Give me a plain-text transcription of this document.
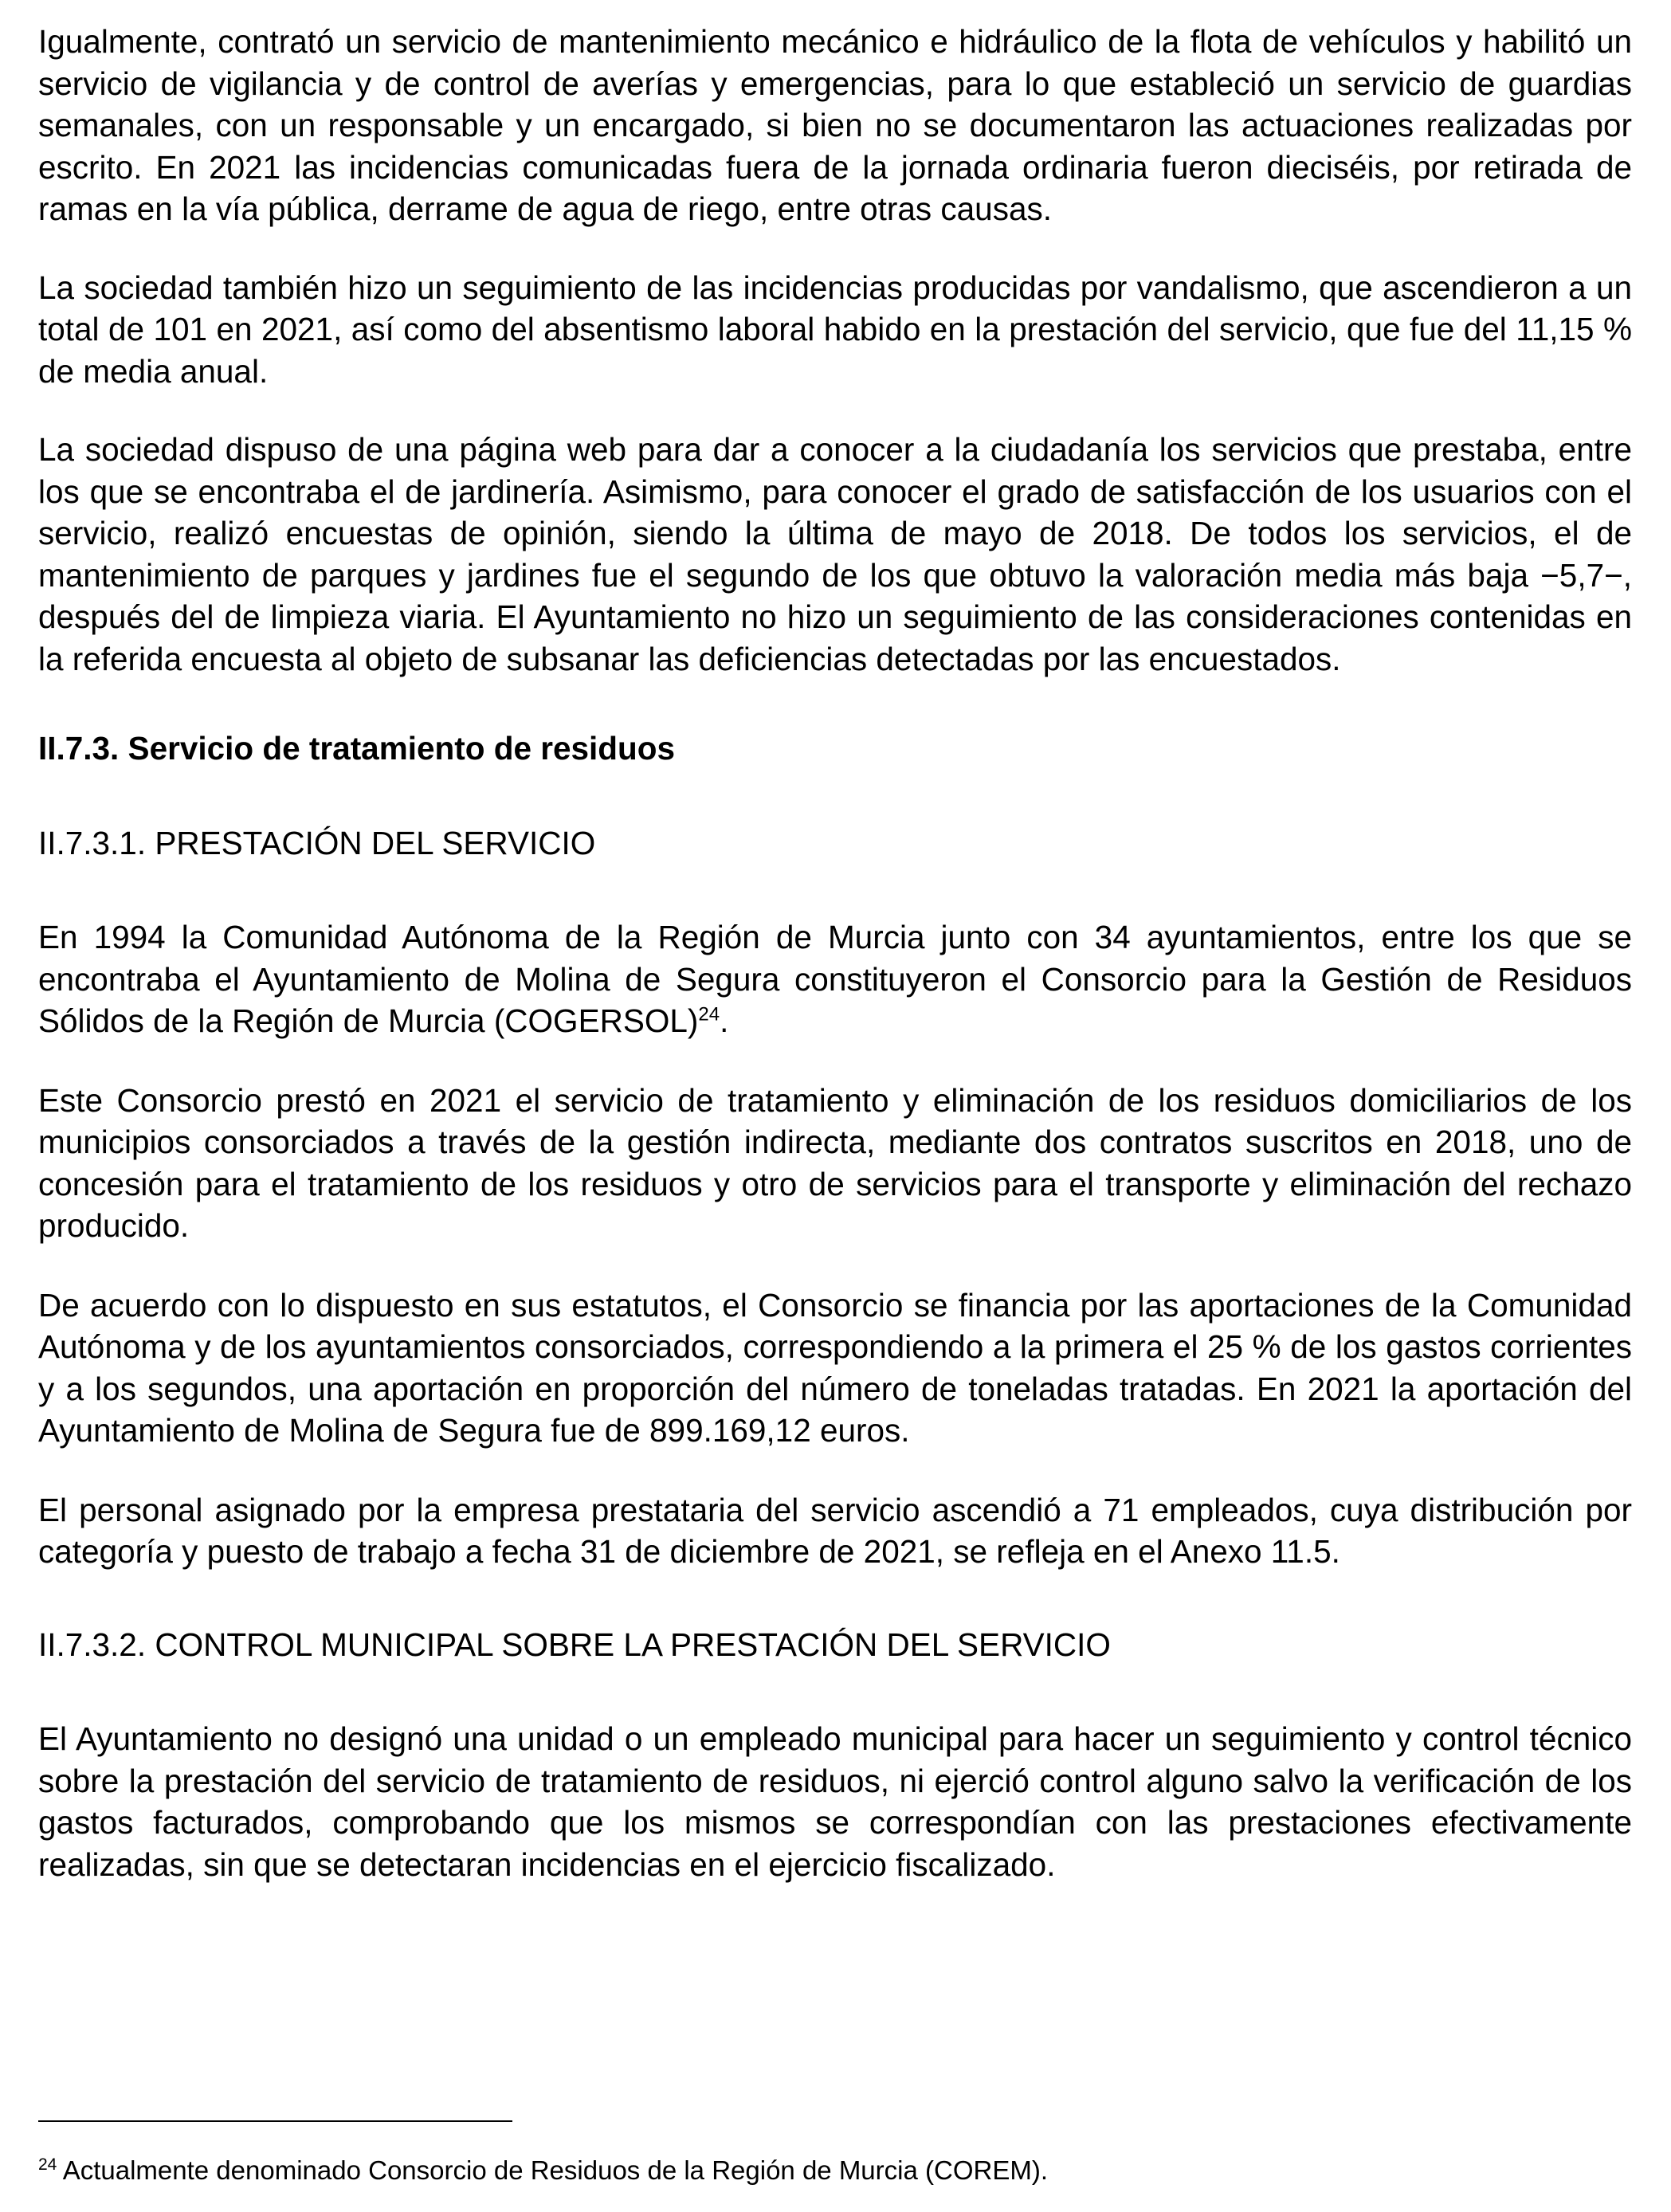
Igualmente, contrató un servicio de mantenimiento mecánico e hidráulico de la flota de vehículos y habilitó un servicio de vigilancia y de control de averías y emergencias, para lo que estableció un servicio de guardias semanales, con un responsable y un encargado, si bien no se documentaron las actuaciones realizadas por escrito. En 2021 las incidencias comunicadas fuera de la jornada ordinaria fueron dieciséis, por retirada de ramas en la vía pública, derrame de agua de riego, entre otras causas.

La sociedad también hizo un seguimiento de las incidencias producidas por vandalismo, que ascendieron a un total de 101 en 2021, así como del absentismo laboral habido en la prestación del servicio, que fue del 11,15 % de media anual.

La sociedad dispuso de una página web para dar a conocer a la ciudadanía los servicios que prestaba, entre los que se encontraba el de jardinería. Asimismo, para conocer el grado de satisfacción de los usuarios con el servicio, realizó encuestas de opinión, siendo la última de mayo de 2018. De todos los servicios, el de mantenimiento de parques y jardines fue el segundo de los que obtuvo la valoración media más baja −5,7−, después del de limpieza viaria. El Ayuntamiento no hizo un seguimiento de las consideraciones contenidas en la referida encuesta al objeto de subsanar las deficiencias detectadas por las encuestados.

II.7.3. Servicio de tratamiento de residuos
II.7.3.1. PRESTACIÓN DEL SERVICIO

En 1994 la Comunidad Autónoma de la Región de Murcia junto con 34 ayuntamientos, entre los que se encontraba el Ayuntamiento de Molina de Segura constituyeron el Consorcio para la Gestión de Residuos Sólidos de la Región de Murcia (COGERSOL)$^{24}$.

Este Consorcio prestó en 2021 el servicio de tratamiento y eliminación de los residuos domiciliarios de los municipios consorciados a través de la gestión indirecta, mediante dos contratos suscritos en 2018, uno de concesión para el tratamiento de los residuos y otro de servicios para el transporte y eliminación del rechazo producido.

De acuerdo con lo dispuesto en sus estatutos, el Consorcio se financia por las aportaciones de la Comunidad Autónoma y de los ayuntamientos consorciados, correspondiendo a la primera el 25 % de los gastos corrientes y a los segundos, una aportación en proporción del número de toneladas tratadas. En 2021 la aportación del Ayuntamiento de Molina de Segura fue de 899.169,12 euros.

El personal asignado por la empresa prestataria del servicio ascendió a 71 empleados, cuya distribución por categoría y puesto de trabajo a fecha 31 de diciembre de 2021, se refleja en el Anexo 11.5.

II.7.3.2. CONTROL MUNICIPAL SOBRE LA PRESTACIÓN DEL SERVICIO

El Ayuntamiento no designó una unidad o un empleado municipal para hacer un seguimiento y control técnico sobre la prestación del servicio de tratamiento de residuos, ni ejerció control alguno salvo la verificación de los gastos facturados, comprobando que los mismos se correspondían con las prestaciones efectivamente realizadas, sin que se detectaran incidencias en el ejercicio fiscalizado.

$^{24}$ Actualmente denominado Consorcio de Residuos de la Región de Murcia (COREM).
